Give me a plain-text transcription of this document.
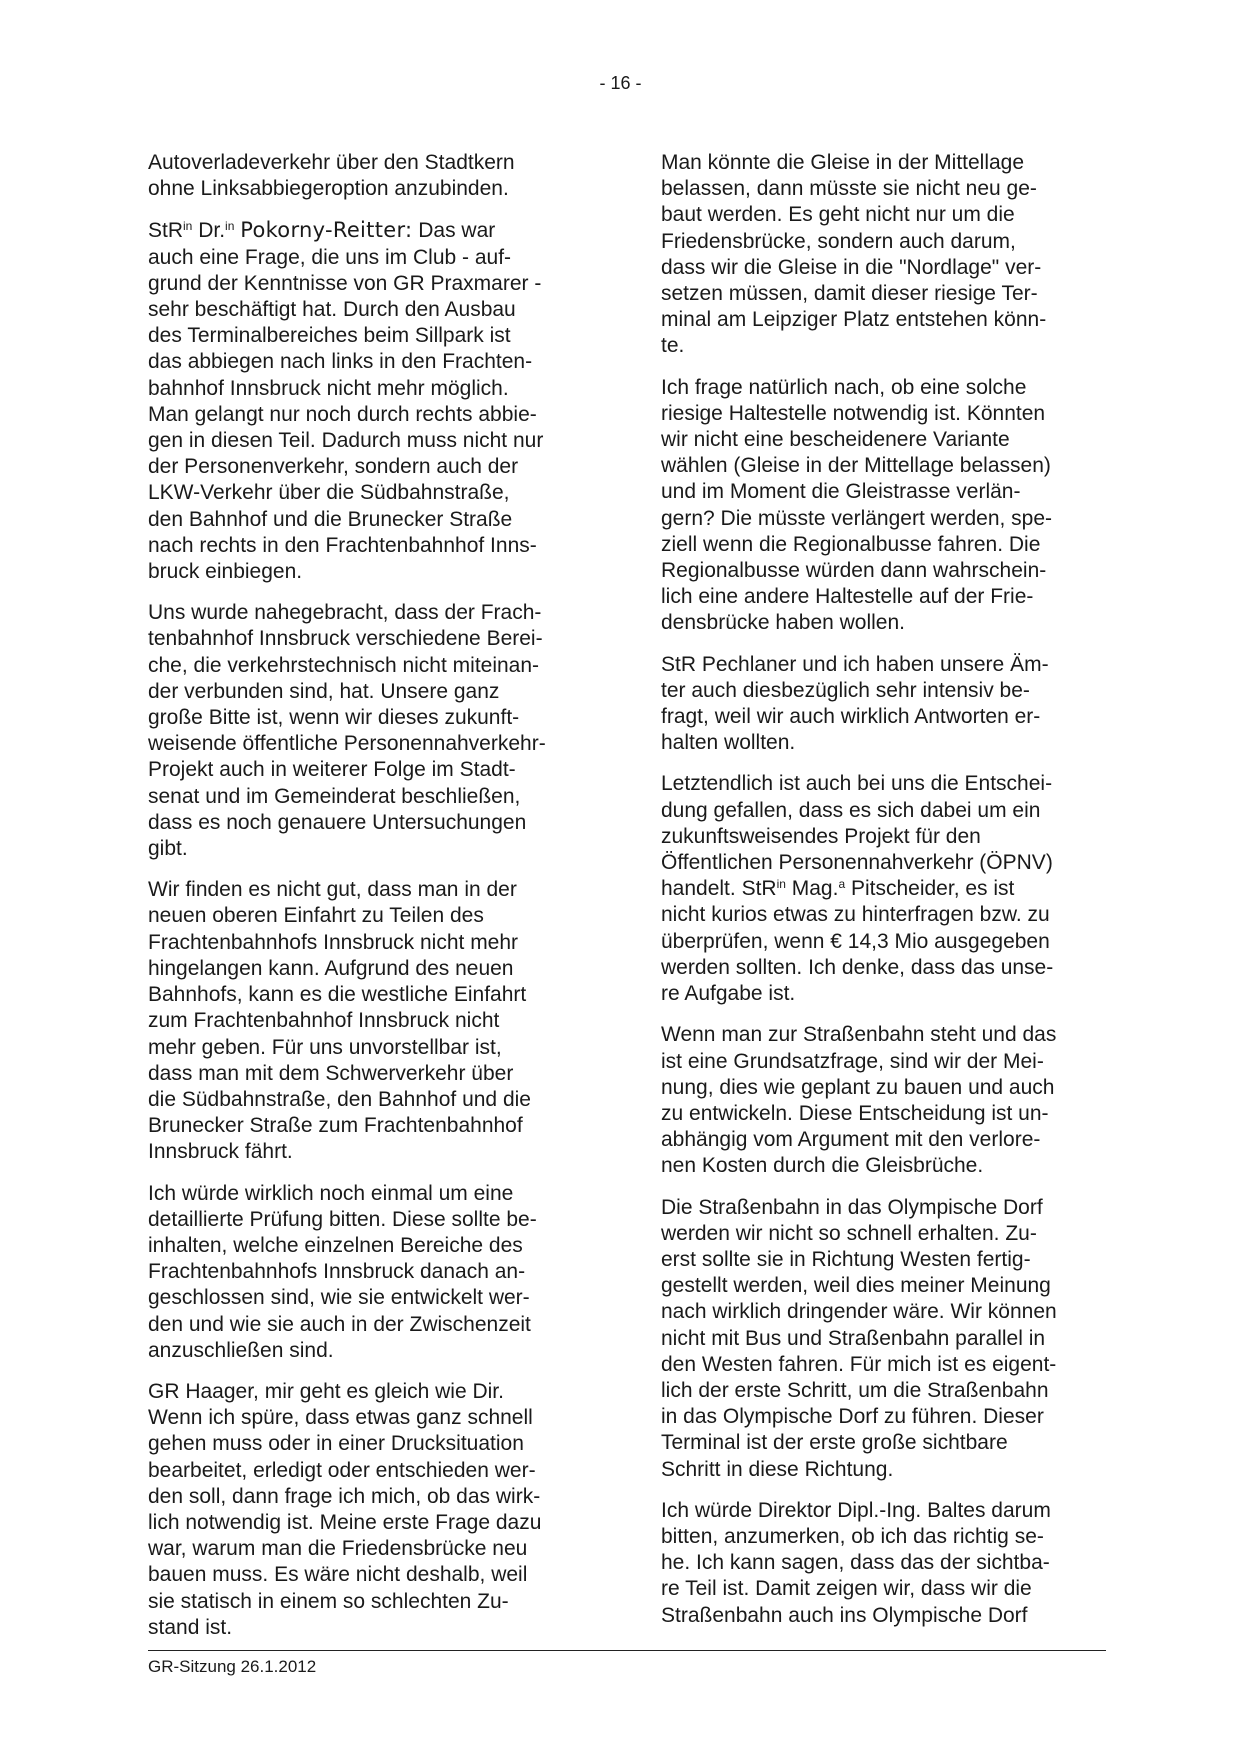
- 16 -

Autoverladeverkehr über den Stadtkern
ohne Linksabbiegeroption anzubinden.

StR$^{in}$ Dr.$^{in}$ Pokorny-Reitter: Das war
auch eine Frage, die uns im Club - auf-
grund der Kenntnisse von GR Praxmarer -
sehr beschäftigt hat. Durch den Ausbau
des Terminalbereiches beim Sillpark ist
das abbiegen nach links in den Frachten-
bahnhof Innsbruck nicht mehr möglich.
Man gelangt nur noch durch rechts abbie-
gen in diesen Teil. Dadurch muss nicht nur
der Personenverkehr, sondern auch der
LKW-Verkehr über die Südbahnstraße,
den Bahnhof und die Brunecker Straße
nach rechts in den Frachtenbahnhof Inns-
bruck einbiegen.

Uns wurde nahegebracht, dass der Frach-
tenbahnhof Innsbruck verschiedene Berei-
che, die verkehrstechnisch nicht miteinan-
der verbunden sind, hat. Unsere ganz
große Bitte ist, wenn wir dieses zukunft-
weisende öffentliche Personennahverkehr-
Projekt auch in weiterer Folge im Stadt-
senat und im Gemeinderat beschließen,
dass es noch genauere Untersuchungen
gibt.

Wir finden es nicht gut, dass man in der
neuen oberen Einfahrt zu Teilen des
Frachtenbahnhofs Innsbruck nicht mehr
hingelangen kann. Aufgrund des neuen
Bahnhofs, kann es die westliche Einfahrt
zum Frachtenbahnhof Innsbruck nicht
mehr geben. Für uns unvorstellbar ist,
dass man mit dem Schwerverkehr über
die Südbahnstraße, den Bahnhof und die
Brunecker Straße zum Frachtenbahnhof
Innsbruck fährt.

Ich würde wirklich noch einmal um eine
detaillierte Prüfung bitten. Diese sollte be-
inhalten, welche einzelnen Bereiche des
Frachtenbahnhofs Innsbruck danach an-
geschlossen sind, wie sie entwickelt wer-
den und wie sie auch in der Zwischenzeit
anzuschließen sind.

GR Haager, mir geht es gleich wie Dir.
Wenn ich spüre, dass etwas ganz schnell
gehen muss oder in einer Drucksituation
bearbeitet, erledigt oder entschieden wer-
den soll, dann frage ich mich, ob das wirk-
lich notwendig ist. Meine erste Frage dazu
war, warum man die Friedensbrücke neu
bauen muss. Es wäre nicht deshalb, weil
sie statisch in einem so schlechten Zu-
stand ist.

Man könnte die Gleise in der Mittellage
belassen, dann müsste sie nicht neu ge-
baut werden. Es geht nicht nur um die
Friedensbrücke, sondern auch darum,
dass wir die Gleise in die "Nordlage" ver-
setzen müssen, damit dieser riesige Ter-
minal am Leipziger Platz entstehen könn-
te.

Ich frage natürlich nach, ob eine solche
riesige Haltestelle notwendig ist. Könnten
wir nicht eine bescheidenere Variante
wählen (Gleise in der Mittellage belassen)
und im Moment die Gleistrasse verlän-
gern? Die müsste verlängert werden, spe-
ziell wenn die Regionalbusse fahren. Die
Regionalbusse würden dann wahrschein-
lich eine andere Haltestelle auf der Frie-
densbrücke haben wollen.

StR Pechlaner und ich haben unsere Äm-
ter auch diesbezüglich sehr intensiv be-
fragt, weil wir auch wirklich Antworten er-
halten wollten.

Letztendlich ist auch bei uns die Entschei-
dung gefallen, dass es sich dabei um ein
zukunftsweisendes Projekt für den
Öffentlichen Personennahverkehr (ÖPNV)
handelt. StR$^{in}$ Mag.$^a$ Pitscheider, es ist
nicht kurios etwas zu hinterfragen bzw. zu
überprüfen, wenn € 14,3 Mio ausgegeben
werden sollten. Ich denke, dass das unse-
re Aufgabe ist.

Wenn man zur Straßenbahn steht und das
ist eine Grundsatzfrage, sind wir der Mei-
nung, dies wie geplant zu bauen und auch
zu entwickeln. Diese Entscheidung ist un-
abhängig vom Argument mit den verlore-
nen Kosten durch die Gleisbrüche.

Die Straßenbahn in das Olympische Dorf
werden wir nicht so schnell erhalten. Zu-
erst sollte sie in Richtung Westen fertig-
gestellt werden, weil dies meiner Meinung
nach wirklich dringender wäre. Wir können
nicht mit Bus und Straßenbahn parallel in
den Westen fahren. Für mich ist es eigent-
lich der erste Schritt, um die Straßenbahn
in das Olympische Dorf zu führen. Dieser
Terminal ist der erste große sichtbare
Schritt in diese Richtung.

Ich würde Direktor Dipl.-Ing. Baltes darum
bitten, anzumerken, ob ich das richtig se-
he. Ich kann sagen, dass das der sichtba-
re Teil ist. Damit zeigen wir, dass wir die
Straßenbahn auch ins Olympische Dorf

GR-Sitzung 26.1.2012
